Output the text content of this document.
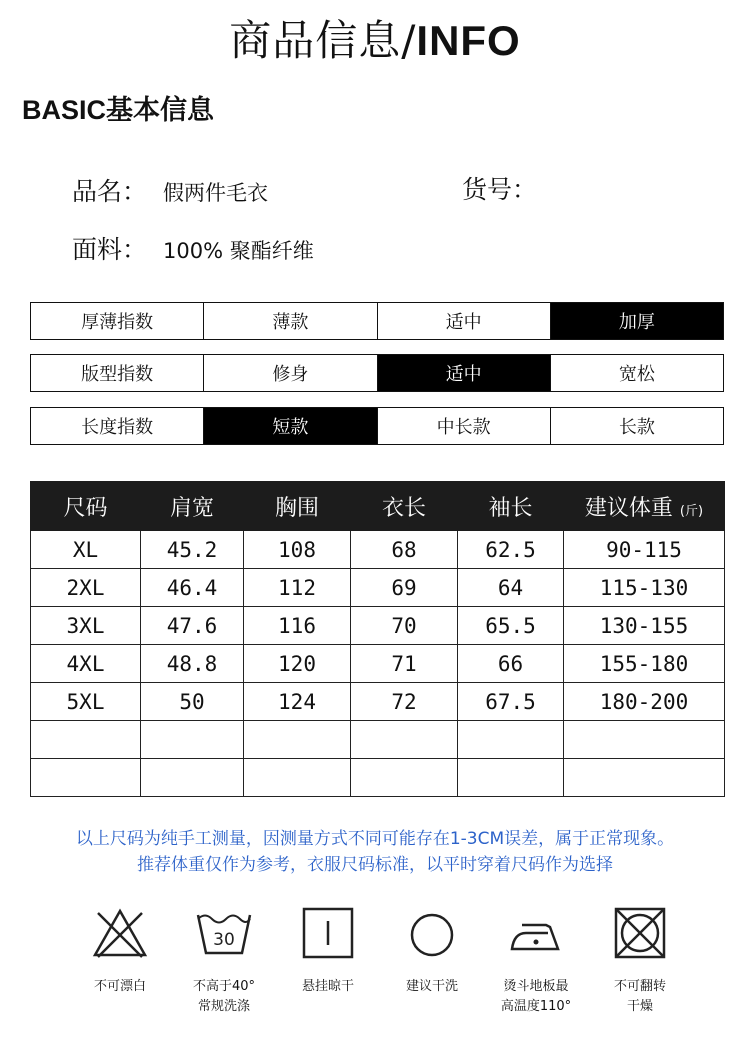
商品信息/INFO
BASIC基本信息
品名： 假两件毛衣	货号：
面料： 100% 聚酯纤维
厚薄指数	薄款	适中	加厚
版型指数	修身	适中	宽松
长度指数	短款	中长款	长款
尺码	肩宽	胸围	衣长	袖长	建议体重 (斤)
XL	45.2	108	68	62.5	90-115
2XL	46.4	112	69	64	115-130
3XL	47.6	116	70	65.5	130-155
4XL	48.8	120	71	66	155-180
5XL	50	124	72	67.5	180-200

以上尺码为纯手工测量，因测量方式不同可能存在1-3CM误差，属于正常现象。
推荐体重仅作为参考，衣服尺码标准，以平时穿着尺码作为选择
不可漂白
30
不高于40°
常规洗涤
悬挂晾干	建议干洗	烫斗地板最
高温度110°
不可翻转
干燥
